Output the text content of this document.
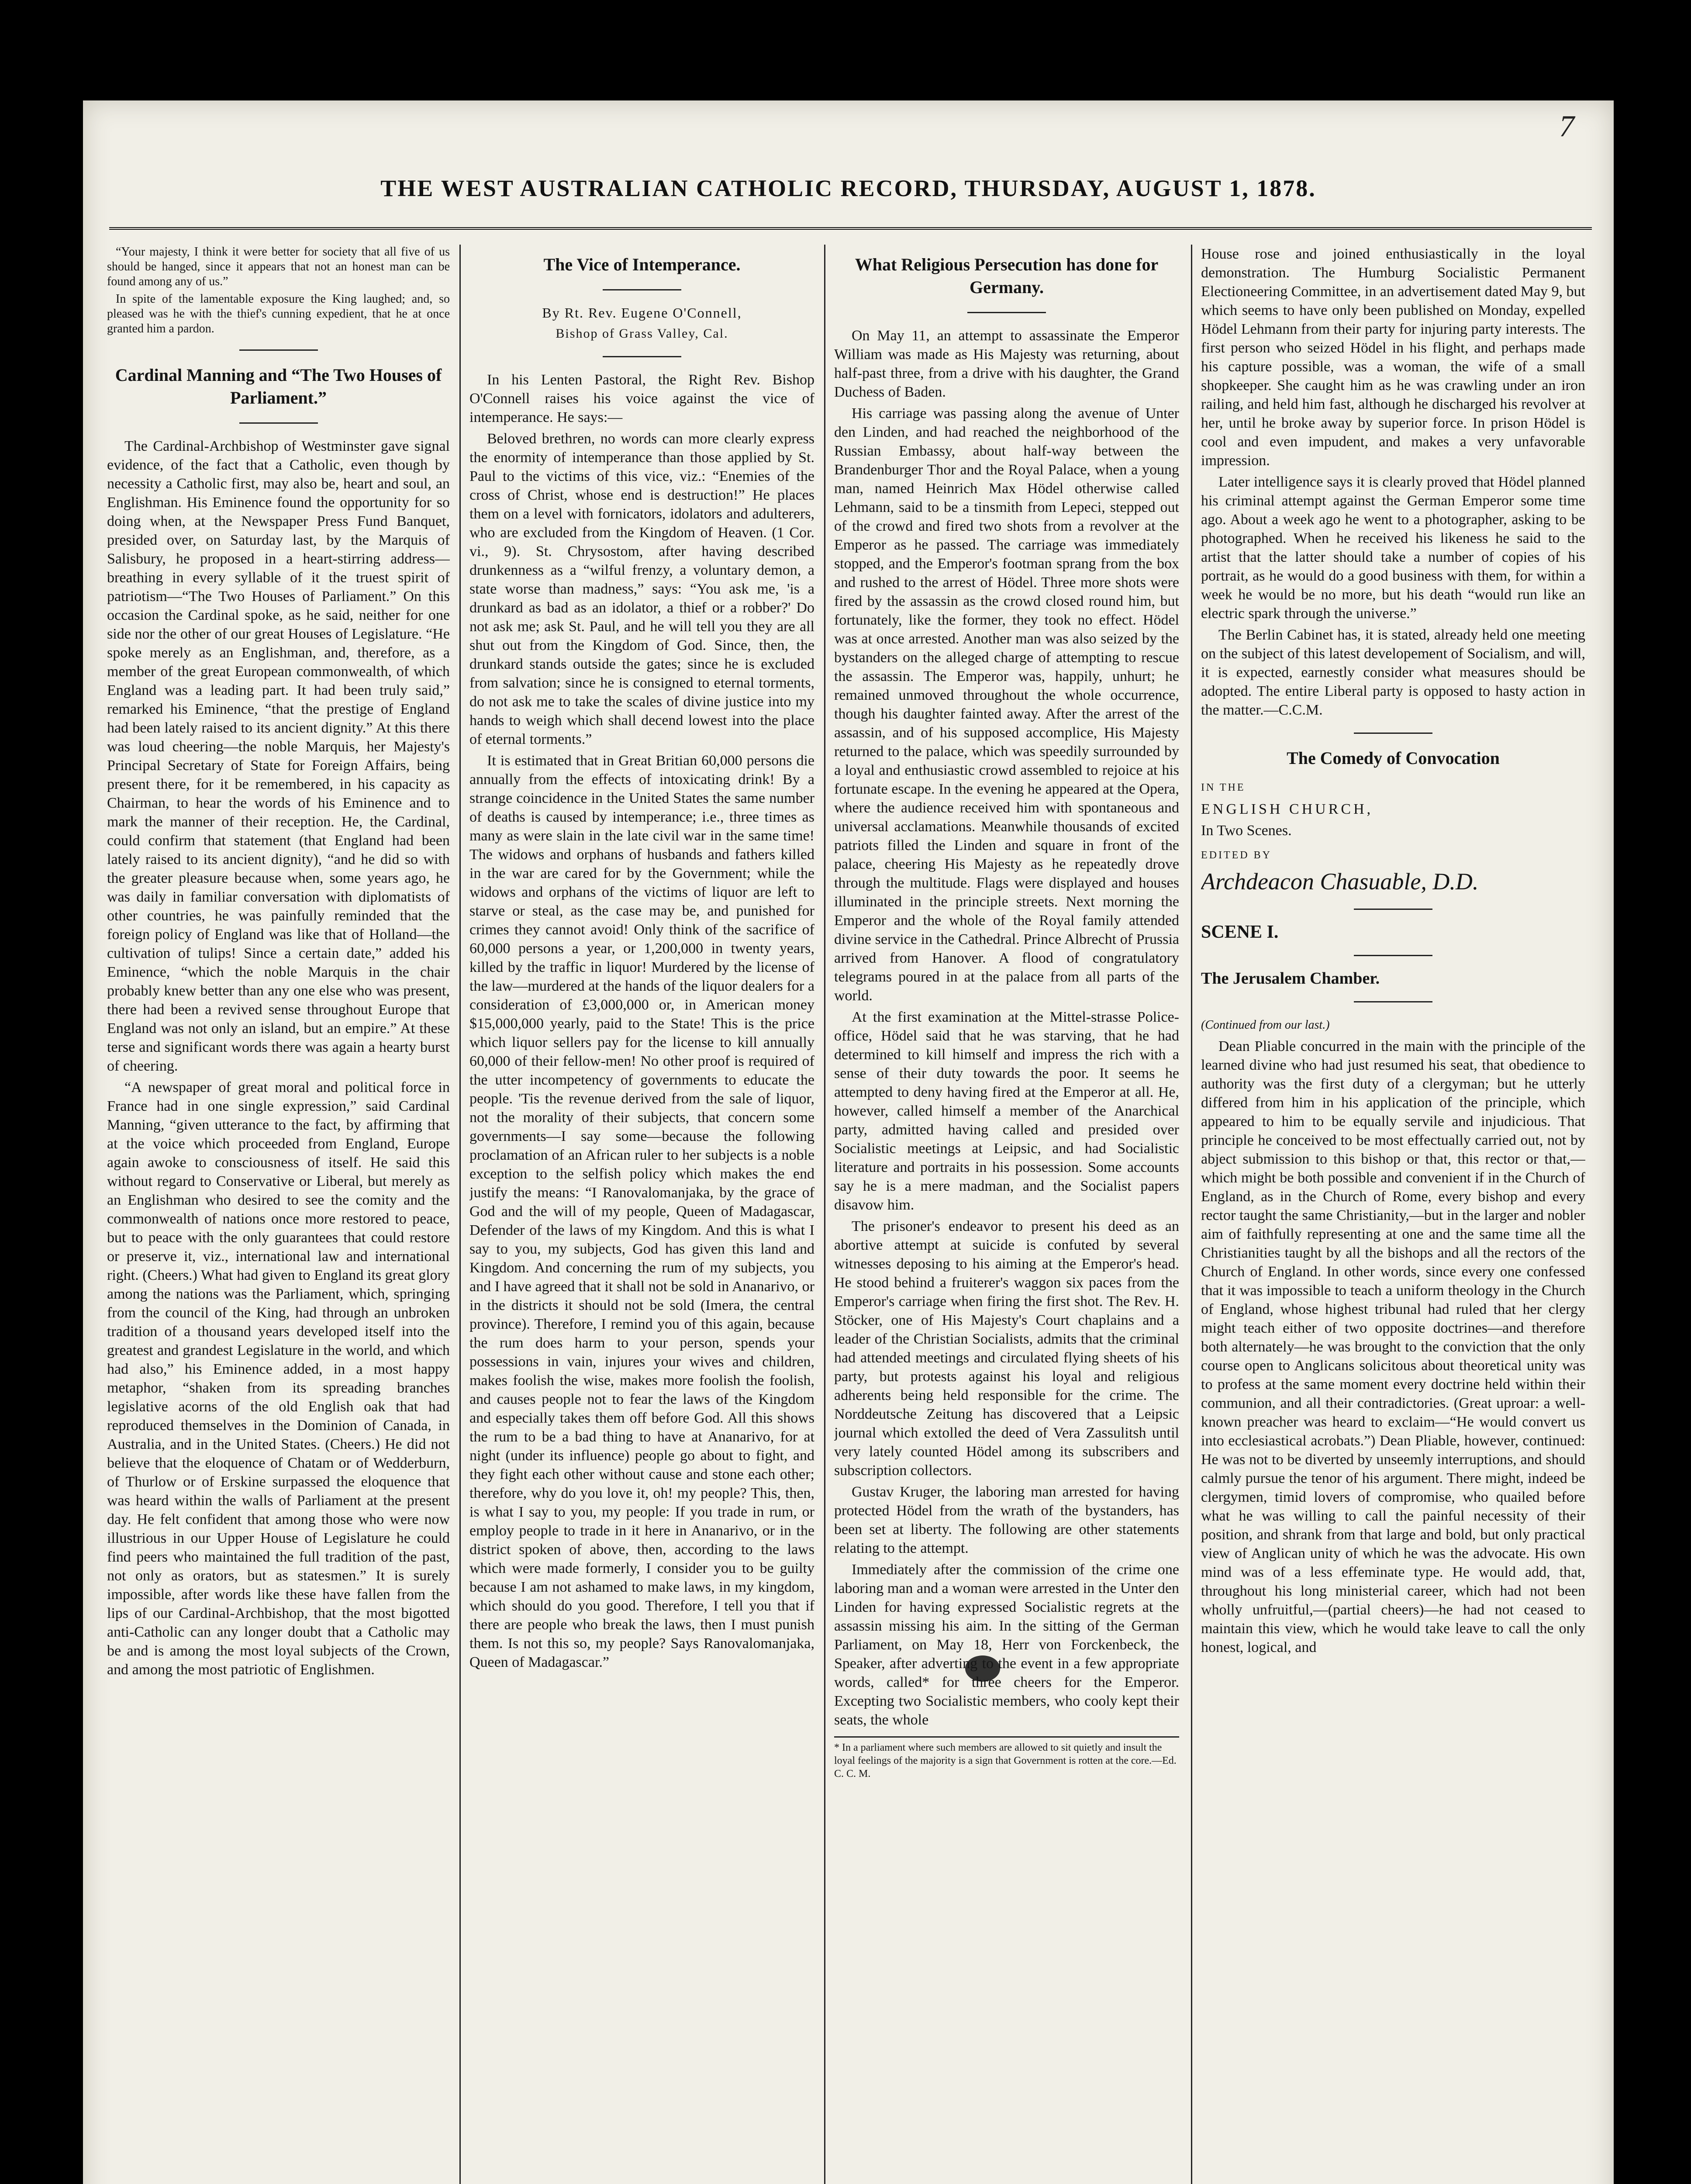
7
THE WEST AUSTRALIAN CATHOLIC RECORD, THURSDAY, AUGUST 1, 1878.

“Your majesty, I think it were better for society that all five of us should be hanged, since it appears that not an honest man can be found among any of us.”

In spite of the lamentable exposure the King laughed; and, so pleased was he with the thief's cunning expedient, that he at once granted him a pardon.

Cardinal Manning and “The Two Houses of Parliament.”

The Cardinal-Archbishop of Westminster gave signal evidence, of the fact that a Catholic, even though by necessity a Catholic first, may also be, heart and soul, an Englishman. His Eminence found the opportunity for so doing when, at the Newspaper Press Fund Banquet, presided over, on Saturday last, by the Marquis of Salisbury, he proposed in a heart-stirring address—breathing in every syllable of it the truest spirit of patriotism—“The Two Houses of Parliament.” On this occasion the Cardinal spoke, as he said, neither for one side nor the other of our great Houses of Legislature. “He spoke merely as an Englishman, and, therefore, as a member of the great European commonwealth, of which England was a leading part. It had been truly said,” remarked his Eminence, “that the prestige of England had been lately raised to its ancient dignity.” At this there was loud cheering—the noble Marquis, her Majesty's Principal Secretary of State for Foreign Affairs, being present there, for it be remembered, in his capacity as Chairman, to hear the words of his Eminence and to mark the manner of their reception. He, the Cardinal, could confirm that statement (that England had been lately raised to its ancient dignity), “and he did so with the greater pleasure because when, some years ago, he was daily in familiar conversation with diplomatists of other countries, he was painfully reminded that the foreign policy of England was like that of Holland—the cultivation of tulips! Since a certain date,” added his Eminence, “which the noble Marquis in the chair probably knew better than any one else who was present, there had been a revived sense throughout Europe that England was not only an island, but an empire.” At these terse and significant words there was again a hearty burst of cheering.

“A newspaper of great moral and political force in France had in one single expression,” said Cardinal Manning, “given utterance to the fact, by affirming that at the voice which proceeded from England, Europe again awoke to consciousness of itself. He said this without regard to Conservative or Liberal, but merely as an Englishman who desired to see the comity and the commonwealth of nations once more restored to peace, but to peace with the only guarantees that could restore or preserve it, viz., international law and international right. (Cheers.) What had given to England its great glory among the nations was the Parliament, which, springing from the council of the King, had through an unbroken tradition of a thousand years developed itself into the greatest and grandest Legislature in the world, and which had also,” his Eminence added, in a most happy metaphor, “shaken from its spreading branches legislative acorns of the old English oak that had reproduced themselves in the Dominion of Canada, in Australia, and in the United States. (Cheers.) He did not believe that the eloquence of Chatam or of Wedderburn, of Thurlow or of Erskine surpassed the eloquence that was heard within the walls of Parliament at the present day. He felt confident that among those who were now illustrious in our Upper House of Legislature he could find peers who maintained the full tradition of the past, not only as orators, but as statesmen.” It is surely impossible, after words like these have fallen from the lips of our Cardinal-Archbishop, that the most bigotted anti-Catholic can any longer doubt that a Catholic may be and is among the most loyal subjects of the Crown, and among the most patriotic of Englishmen.

The Vice of Intemperance.
By Rt. Rev. Eugene O'Connell,
Bishop of Grass Valley, Cal.

In his Lenten Pastoral, the Right Rev. Bishop O'Connell raises his voice against the vice of intemperance. He says:—

Beloved brethren, no words can more clearly express the enormity of intemperance than those applied by St. Paul to the victims of this vice, viz.: “Enemies of the cross of Christ, whose end is destruction!” He places them on a level with fornicators, idolators and adulterers, who are excluded from the Kingdom of Heaven. (1 Cor. vi., 9). St. Chrysostom, after having described drunkenness as a “wilful frenzy, a voluntary demon, a state worse than madness,” says: “You ask me, 'is a drunkard as bad as an idolator, a thief or a robber?' Do not ask me; ask St. Paul, and he will tell you they are all shut out from the Kingdom of God. Since, then, the drunkard stands outside the gates; since he is excluded from salvation; since he is consigned to eternal torments, do not ask me to take the scales of divine justice into my hands to weigh which shall decend lowest into the place of eternal torments.”

It is estimated that in Great Britian 60,000 persons die annually from the effects of intoxicating drink! By a strange coincidence in the United States the same number of deaths is caused by intemperance; i.e., three times as many as were slain in the late civil war in the same time! The widows and orphans of husbands and fathers killed in the war are cared for by the Government; while the widows and orphans of the victims of liquor are left to starve or steal, as the case may be, and punished for crimes they cannot avoid! Only think of the sacrifice of 60,000 persons a year, or 1,200,000 in twenty years, killed by the traffic in liquor! Murdered by the license of the law—murdered at the hands of the liquor dealers for a consideration of £3,000,000 or, in American money $15,000,000 yearly, paid to the State! This is the price which liquor sellers pay for the license to kill annually 60,000 of their fellow-men! No other proof is required of the utter incompetency of governments to educate the people. 'Tis the revenue derived from the sale of liquor, not the morality of their subjects, that concern some governments—I say some—because the following proclamation of an African ruler to her subjects is a noble exception to the selfish policy which makes the end justify the means: “I Ranovalomanjaka, by the grace of God and the will of my people, Queen of Madagascar, Defender of the laws of my Kingdom. And this is what I say to you, my subjects, God has given this land and Kingdom. And concerning the rum of my subjects, you and I have agreed that it shall not be sold in Ananarivo, or in the districts it should not be sold (Imera, the central province). Therefore, I remind you of this again, because the rum does harm to your person, spends your possessions in vain, injures your wives and children, makes foolish the wise, makes more foolish the foolish, and causes people not to fear the laws of the Kingdom and especially takes them off before God. All this shows the rum to be a bad thing to have at Ananarivo, for at night (under its influence) people go about to fight, and they fight each other without cause and stone each other; therefore, why do you love it, oh! my people? This, then, is what I say to you, my people: If you trade in rum, or employ people to trade in it here in Ananarivo, or in the district spoken of above, then, according to the laws which were made formerly, I consider you to be guilty because I am not ashamed to make laws, in my kingdom, which should do you good. Therefore, I tell you that if there are people who break the laws, then I must punish them. Is not this so, my people? Says Ranovalomanjaka, Queen of Madagascar.”

What Religious Persecution has done for Germany.

On May 11, an attempt to assassinate the Emperor William was made as His Majesty was returning, about half-past three, from a drive with his daughter, the Grand Duchess of Baden.

His carriage was passing along the avenue of Unter den Linden, and had reached the neighborhood of the Russian Embassy, about half-way between the Brandenburger Thor and the Royal Palace, when a young man, named Heinrich Max Hödel otherwise called Lehmann, said to be a tinsmith from Lepeci, stepped out of the crowd and fired two shots from a revolver at the Emperor as he passed. The carriage was immediately stopped, and the Emperor's footman sprang from the box and rushed to the arrest of Hödel. Three more shots were fired by the assassin as the crowd closed round him, but fortunately, like the former, they took no effect. Hödel was at once arrested. Another man was also seized by the bystanders on the alleged charge of attempting to rescue the assassin. The Emperor was, happily, unhurt; he remained unmoved throughout the whole occurrence, though his daughter fainted away. After the arrest of the assassin, and of his supposed accomplice, His Majesty returned to the palace, which was speedily surrounded by a loyal and enthusiastic crowd assembled to rejoice at his fortunate escape. In the evening he appeared at the Opera, where the audience received him with spontaneous and universal acclamations. Meanwhile thousands of excited patriots filled the Linden and square in front of the palace, cheering His Majesty as he repeatedly drove through the multitude. Flags were displayed and houses illuminated in the principle streets. Next morning the Emperor and the whole of the Royal family attended divine service in the Cathedral. Prince Albrecht of Prussia arrived from Hanover. A flood of congratulatory telegrams poured in at the palace from all parts of the world.

At the first examination at the Mittel-strasse Police-office, Hödel said that he was starving, that he had determined to kill himself and impress the rich with a sense of their duty towards the poor. It seems he attempted to deny having fired at the Emperor at all. He, however, called himself a member of the Anarchical party, admitted having called and presided over Socialistic meetings at Leipsic, and had Socialistic literature and portraits in his possession. Some accounts say he is a mere madman, and the Socialist papers disavow him.

The prisoner's endeavor to present his deed as an abortive attempt at suicide is confuted by several witnesses deposing to his aiming at the Emperor's head. He stood behind a fruiterer's waggon six paces from the Emperor's carriage when firing the first shot. The Rev. H. Stöcker, one of His Majesty's Court chaplains and a leader of the Christian Socialists, admits that the criminal had attended meetings and circulated flying sheets of his party, but protests against his loyal and religious adherents being held responsible for the crime. The Norddeutsche Zeitung has discovered that a Leipsic journal which extolled the deed of Vera Zassulitsh until very lately counted Hödel among its subscribers and subscription collectors.

Gustav Kruger, the laboring man arrested for having protected Hödel from the wrath of the bystanders, has been set at liberty. The following are other statements relating to the attempt.

Immediately after the commission of the crime one laboring man and a woman were arrested in the Unter den Linden for having expressed Socialistic regrets at the assassin missing his aim. In the sitting of the German Parliament, on May 18, Herr von Forckenbeck, the Speaker, after adverting to the event in a few appropriate words, called* for three cheers for the Emperor. Excepting two Socialistic members, who cooly kept their seats, the whole

* In a parliament where such members are allowed to sit quietly and insult the loyal feelings of the majority is a sign that Government is rotten at the core.—Ed. C. C. M.

House rose and joined enthusiastically in the loyal demonstration. The Humburg Socialistic Permanent Electioneering Committee, in an advertisement dated May 9, but which seems to have only been published on Monday, expelled Hödel Lehmann from their party for injuring party interests. The first person who seized Hödel in his flight, and perhaps made his capture possible, was a woman, the wife of a small shopkeeper. She caught him as he was crawling under an iron railing, and held him fast, although he discharged his revolver at her, until he broke away by superior force. In prison Hödel is cool and even impudent, and makes a very unfavorable impression.

Later intelligence says it is clearly proved that Hödel planned his criminal attempt against the German Emperor some time ago. About a week ago he went to a photographer, asking to be photographed. When he received his likeness he said to the artist that the latter should take a number of copies of his portrait, as he would do a good business with them, for within a week he would be no more, but his death “would run like an electric spark through the universe.”

The Berlin Cabinet has, it is stated, already held one meeting on the subject of this latest developement of Socialism, and will, it is expected, earnestly consider what measures should be adopted. The entire Liberal party is opposed to hasty action in the matter.—C.C.M.

The Comedy of Convocation

IN THE

ENGLISH CHURCH,

In Two Scenes.

EDITED BY

Archdeacon Chasuable, D.D.

SCENE I.

The Jerusalem Chamber.

(Continued from our last.)

Dean Pliable concurred in the main with the principle of the learned divine who had just resumed his seat, that obedience to authority was the first duty of a clergyman; but he utterly differed from him in his application of the principle, which appeared to him to be equally servile and injudicious. That principle he conceived to be most effectually carried out, not by abject submission to this bishop or that, this rector or that,—which might be both possible and convenient if in the Church of England, as in the Church of Rome, every bishop and every rector taught the same Christianity,—but in the larger and nobler aim of faithfully representing at one and the same time all the Christianities taught by all the bishops and all the rectors of the Church of England. In other words, since every one confessed that it was impossible to teach a uniform theology in the Church of England, whose highest tribunal had ruled that her clergy might teach either of two opposite doctrines—and therefore both alternately—he was brought to the conviction that the only course open to Anglicans solicitous about theoretical unity was to profess at the same moment every doctrine held within their communion, and all their contradictories. (Great uproar: a well-known preacher was heard to exclaim—“He would convert us into ecclesiastical acrobats.”) Dean Pliable, however, continued: He was not to be diverted by unseemly interruptions, and should calmly pursue the tenor of his argument. There might, indeed be clergymen, timid lovers of compromise, who quailed before what he was willing to call the painful necessity of their position, and shrank from that large and bold, but only practical view of Anglican unity of which he was the advocate. His own mind was of a less effeminate type. He would add, that, throughout his long ministerial career, which had not been wholly unfruitful,—(partial cheers)—he had not ceased to maintain this view, which he would take leave to call the only honest, logical, and
